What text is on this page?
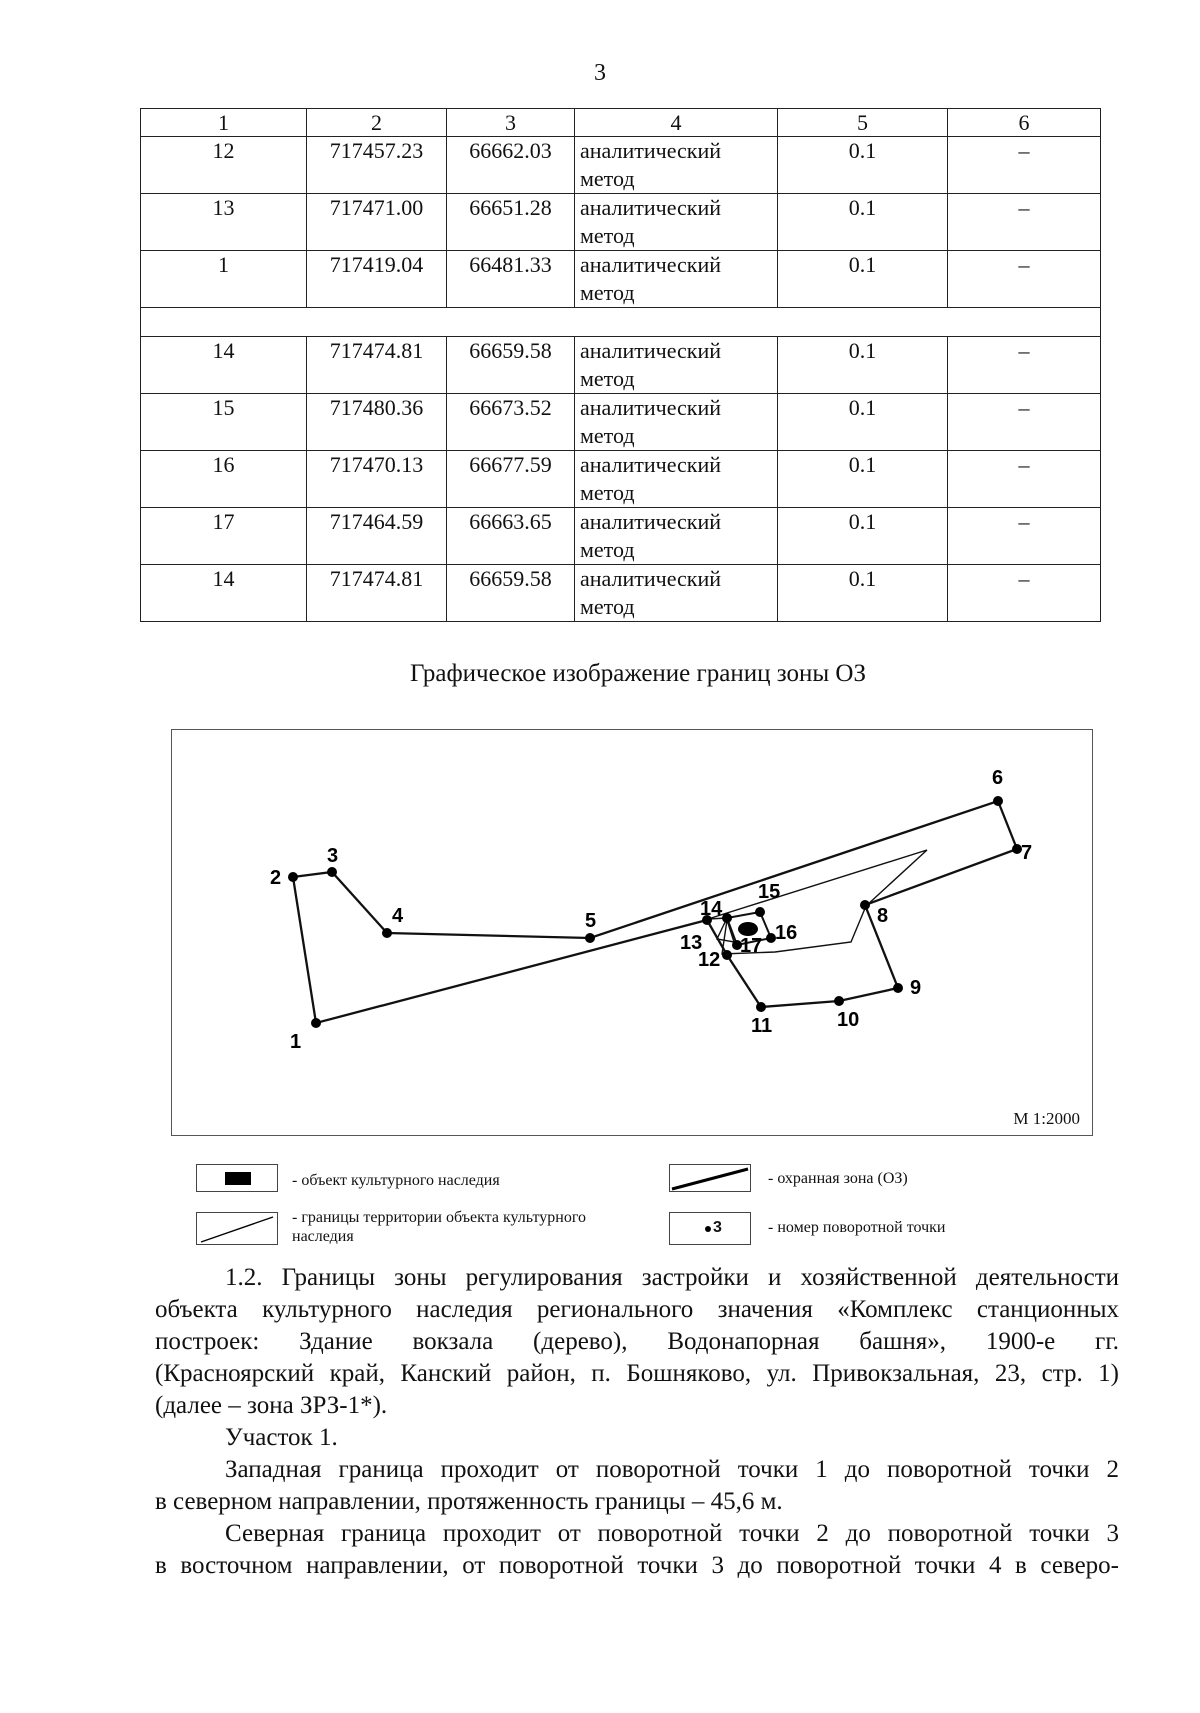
3
1	2	3	4	5	6
12	717457.23	66662.03	аналитический метод	0.1	–
13	717471.00	66651.28	аналитический метод	0.1	–
1	717419.04	66481.33	аналитический метод	0.1	–

14	717474.81	66659.58	аналитический метод	0.1	–
15	717480.36	66673.52	аналитический метод	0.1	–
16	717470.13	66677.59	аналитический метод	0.1	–
17	717464.59	66663.65	аналитический метод	0.1	–
14	717474.81	66659.58	аналитический метод	0.1	–
Графическое изображение границ зоны ОЗ
1
2
3
4	5
6
7
8
9
10
11
12
13
14
15
16
17
М 1:2000
- объект культурного наследия	- охранная зона (ОЗ)
- границы территории объекта культурного наследия
3	- номер поворотной точки
1.2. Границы зоны регулирования застройки и хозяйственной деятельности
объекта культурного наследия регионального значения «Комплекс станционных
построек: Здание вокзала (дерево), Водонапорная башня», 1900-е гг.
(Красноярский край, Канский район, п. Бошняково, ул. Привокзальная, 23, стр. 1)
(далее – зона ЗРЗ-1*).
Участок 1.
Западная граница проходит от поворотной точки 1 до поворотной точки 2
в северном направлении, протяженность границы – 45,6 м.
Северная граница проходит от поворотной точки 2 до поворотной точки 3
в восточном направлении, от поворотной точки 3 до поворотной точки 4 в северо-
